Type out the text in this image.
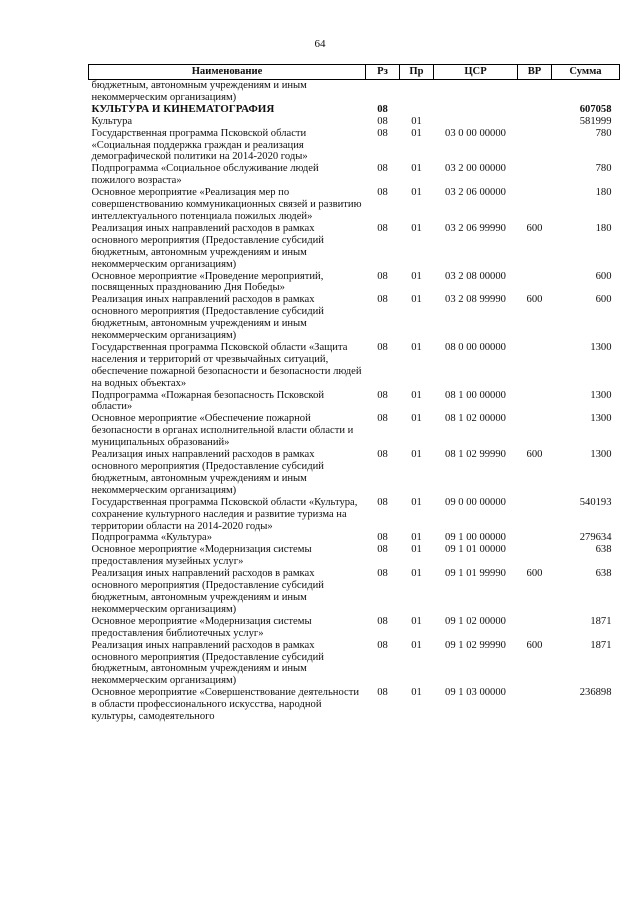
64
Наименование	Рз	Пр	ЦСР	ВР	Сумма
бюджетным, автономным учреждениям и иным некоммерческим организациям)					
КУЛЬТУРА И КИНЕМАТОГРАФИЯ	08				607058
Культура	08	01			581999
Государственная программа Псковской области «Социальная поддержка граждан и реализация демографической политики на 2014-2020 годы»	08	01	03 0 00 00000		780
Подпрограмма «Социальное обслуживание людей пожилого возраста»	08	01	03 2 00 00000		780
Основное мероприятие «Реализация мер по совершенствованию коммуникационных связей и развитию интеллектуального потенциала пожилых людей»	08	01	03 2 06 00000		180
Реализация иных направлений расходов в рамках основного мероприятия (Предоставление субсидий бюджетным, автономным учреждениям и иным некоммерческим организациям)	08	01	03 2 06 99990	600	180
Основное мероприятие «Проведение мероприятий, посвященных празднованию Дня Победы»	08	01	03 2 08 00000		600
Реализация иных направлений расходов в рамках основного мероприятия (Предоставление субсидий бюджетным, автономным учреждениям и иным некоммерческим организациям)	08	01	03 2 08 99990	600	600
Государственная программа Псковской области «Защита населения и территорий от чрезвычайных ситуаций, обеспечение пожарной безопасности и безопасности людей на водных объектах»	08	01	08 0 00 00000		1300
Подпрограмма «Пожарная безопасность Псковской области»	08	01	08 1 00 00000		1300
Основное мероприятие «Обеспечение пожарной безопасности в органах исполнительной власти области и муниципальных образований»	08	01	08 1 02 00000		1300
Реализация иных направлений расходов в рамках основного мероприятия (Предоставление субсидий бюджетным, автономным учреждениям и иным некоммерческим организациям)	08	01	08 1 02 99990	600	1300
Государственная программа Псковской области «Культура, сохранение культурного наследия и развитие туризма на территории области на 2014-2020 годы»	08	01	09 0 00 00000		540193
Подпрограмма «Культура»	08	01	09 1 00 00000		279634
Основное мероприятие «Модернизация системы предоставления музейных услуг»	08	01	09 1 01 00000		638
Реализация иных направлений расходов в рамках основного мероприятия (Предоставление субсидий бюджетным, автономным учреждениям и иным некоммерческим организациям)	08	01	09 1 01 99990	600	638
Основное мероприятие «Модернизация системы предоставления библиотечных услуг»	08	01	09 1 02 00000		1871
Реализация иных направлений расходов в рамках основного мероприятия (Предоставление субсидий бюджетным, автономным учреждениям и иным некоммерческим организациям)	08	01	09 1 02 99990	600	1871
Основное мероприятие «Совершенствование деятельности в области профессионального искусства, народной культуры, самодеятельного	08	01	09 1 03 00000		236898
